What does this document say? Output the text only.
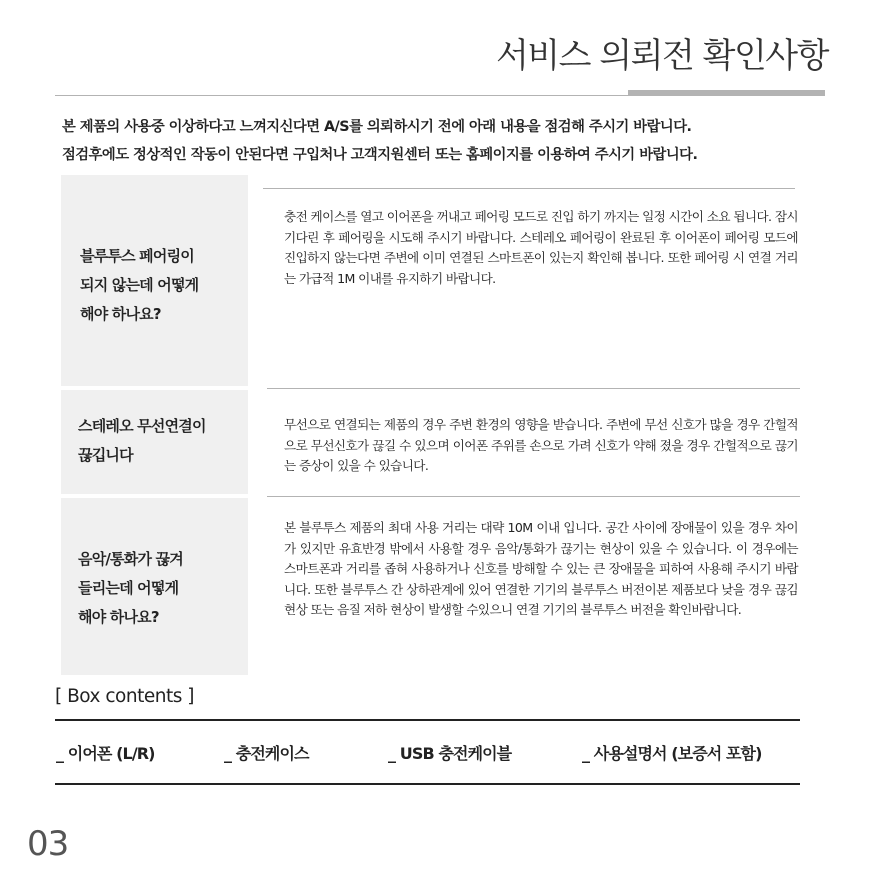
서비스 의뢰전 확인사항
본 제품의 사용중 이상하다고 느껴지신다면 A/S를 의뢰하시기 전에 아래 내용을 점검해 주시기 바랍니다.
점검후에도 정상적인 작동이 안된다면 구입처나 고객지원센터 또는 홈페이지를 이용하여 주시기 바랍니다.
블루투스 페어링이
되지 않는데 어떻게
해야 하나요?
충전 케이스를 열고 이어폰을 꺼내고 페어링 모드로 진입 하기 까지는 일정 시간이 소요 됩니다. 잠시 기다린 후 페어링을 시도해 주시기 바랍니다. 스테레오 페어링이 완료된 후 이어폰이 페어링 모드에 진입하지 않는다면 주변에 이미 연결된 스마트폰이 있는지 확인해 봅니다. 또한 페어링 시 연결 거리는 가급적 1M 이내를 유지하기 바랍니다.
스테레오 무선연결이
끊깁니다
무선으로 연결되는 제품의 경우 주변 환경의 영향을 받습니다. 주변에 무선 신호가 많을 경우 간헐적으로 무선신호가 끊길 수 있으며 이어폰 주위를 손으로 가려 신호가 약해 졌을 경우 간헐적으로 끊기는 증상이 있을 수 있습니다.
음악/통화가 끊겨
들리는데 어떻게
해야 하나요?
본 블루투스 제품의 최대 사용 거리는 대략 10M 이내 입니다. 공간 사이에 장애물이 있을 경우 차이가 있지만 유효반경 밖에서 사용할 경우 음악/통화가 끊기는 현상이 있을 수 있습니다. 이 경우에는 스마트폰과 거리를 좁혀 사용하거나 신호를 방해할 수 있는 큰 장애물을 피하여 사용해 주시기 바랍니다. 또한 블루투스 간 상하관계에 있어 연결한 기기의 블루투스 버전이본 제품보다 낮을 경우 끊김 현상 또는 음질 저하 현상이 발생할 수있으니 연결 기기의 블루투스 버전을 확인바랍니다.
[ Box contents ]
_ 이어폰 (L/R)	_ 충전케이스	_ USB 충전케이블	_ 사용설명서 (보증서 포함)
03
